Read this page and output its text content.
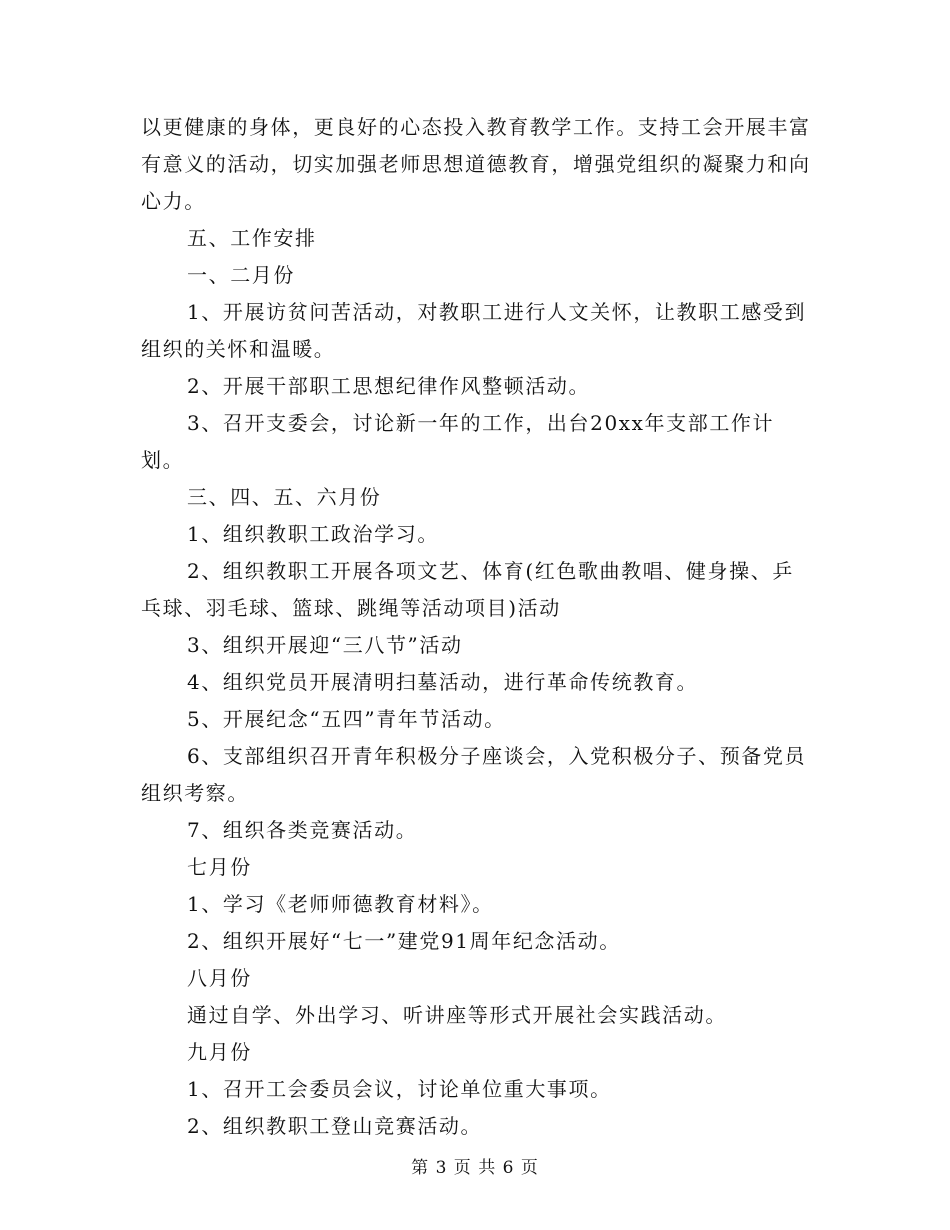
以更健康的身体，更良好的心态投入教育教学工作。支持工会开展丰富有意义的活动，切实加强老师思想道德教育，增强党组织的凝聚力和向心力。

五、工作安排

一、二月份

1、开展访贫问苦活动，对教职工进行人文关怀，让教职工感受到组织的关怀和温暖。

2、开展干部职工思想纪律作风整顿活动。

3、召开支委会，讨论新一年的工作，出台20xx年支部工作计划。

三、四、五、六月份

1、组织教职工政治学习。

2、组织教职工开展各项文艺、体育(红色歌曲教唱、健身操、乒乓球、羽毛球、篮球、跳绳等活动项目)活动

3、组织开展迎“三八节”活动

4、组织党员开展清明扫墓活动，进行革命传统教育。

5、开展纪念“五四”青年节活动。

6、支部组织召开青年积极分子座谈会，入党积极分子、预备党员组织考察。

7、组织各类竞赛活动。

七月份

1、学习《老师师德教育材料》。

2、组织开展好“七一”建党91周年纪念活动。

八月份

通过自学、外出学习、听讲座等形式开展社会实践活动。

九月份

1、召开工会委员会议，讨论单位重大事项。

2、组织教职工登山竞赛活动。

第 3 页 共 6 页
